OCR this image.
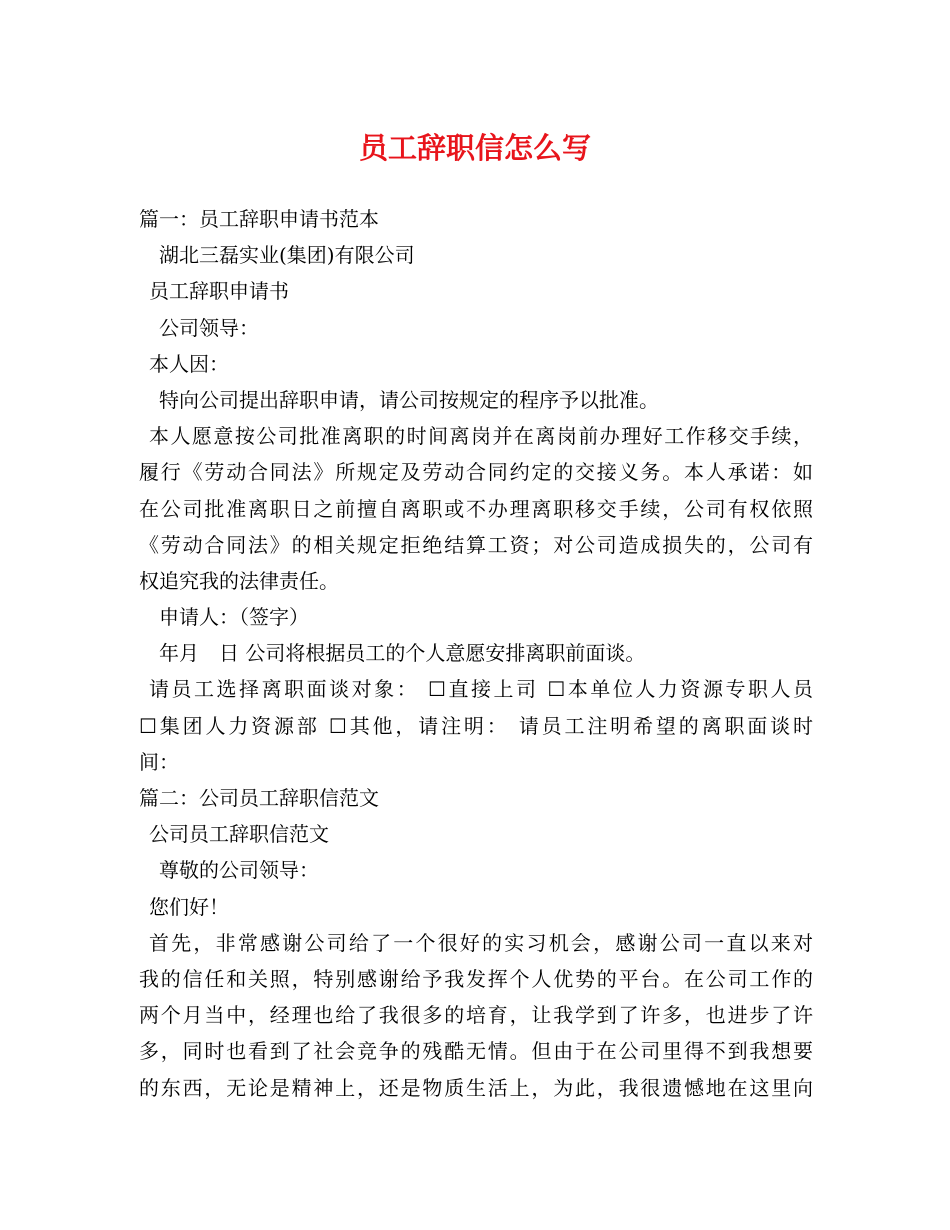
员工辞职信怎么写
篇一：员工辞职申请书范本
湖北三磊实业(集团)有限公司
员工辞职申请书
公司领导：
本人因：
特向公司提出辞职申请，请公司按规定的程序予以批准。
本人愿意按公司批准离职的时间离岗并在离岗前办理好工作移交手续，
履行《劳动合同法》所规定及劳动合同约定的交接义务。本人承诺：如
在公司批准离职日之前擅自离职或不办理离职移交手续，公司有权依照
《劳动合同法》的相关规定拒绝结算工资；对公司造成损失的，公司有
权追究我的法律责任。
申请人：（签字）
年月　日 公司将根据员工的个人意愿安排离职前面谈。
请员工选择离职面谈对象： ☐直接上司 ☐本单位人力资源专职人员
☐集团人力资源部 ☐其他，请注明： 请员工注明希望的离职面谈时
间：
篇二：公司员工辞职信范文
公司员工辞职信范文
尊敬的公司领导：
您们好！
首先，非常感谢公司给了一个很好的实习机会，感谢公司一直以来对
我的信任和关照，特别感谢给予我发挥个人优势的平台。在公司工作的
两个月当中，经理也给了我很多的培育，让我学到了许多，也进步了许
多，同时也看到了社会竞争的残酷无情。但由于在公司里得不到我想要
的东西，无论是精神上，还是物质生活上，为此，我很遗憾地在这里向
